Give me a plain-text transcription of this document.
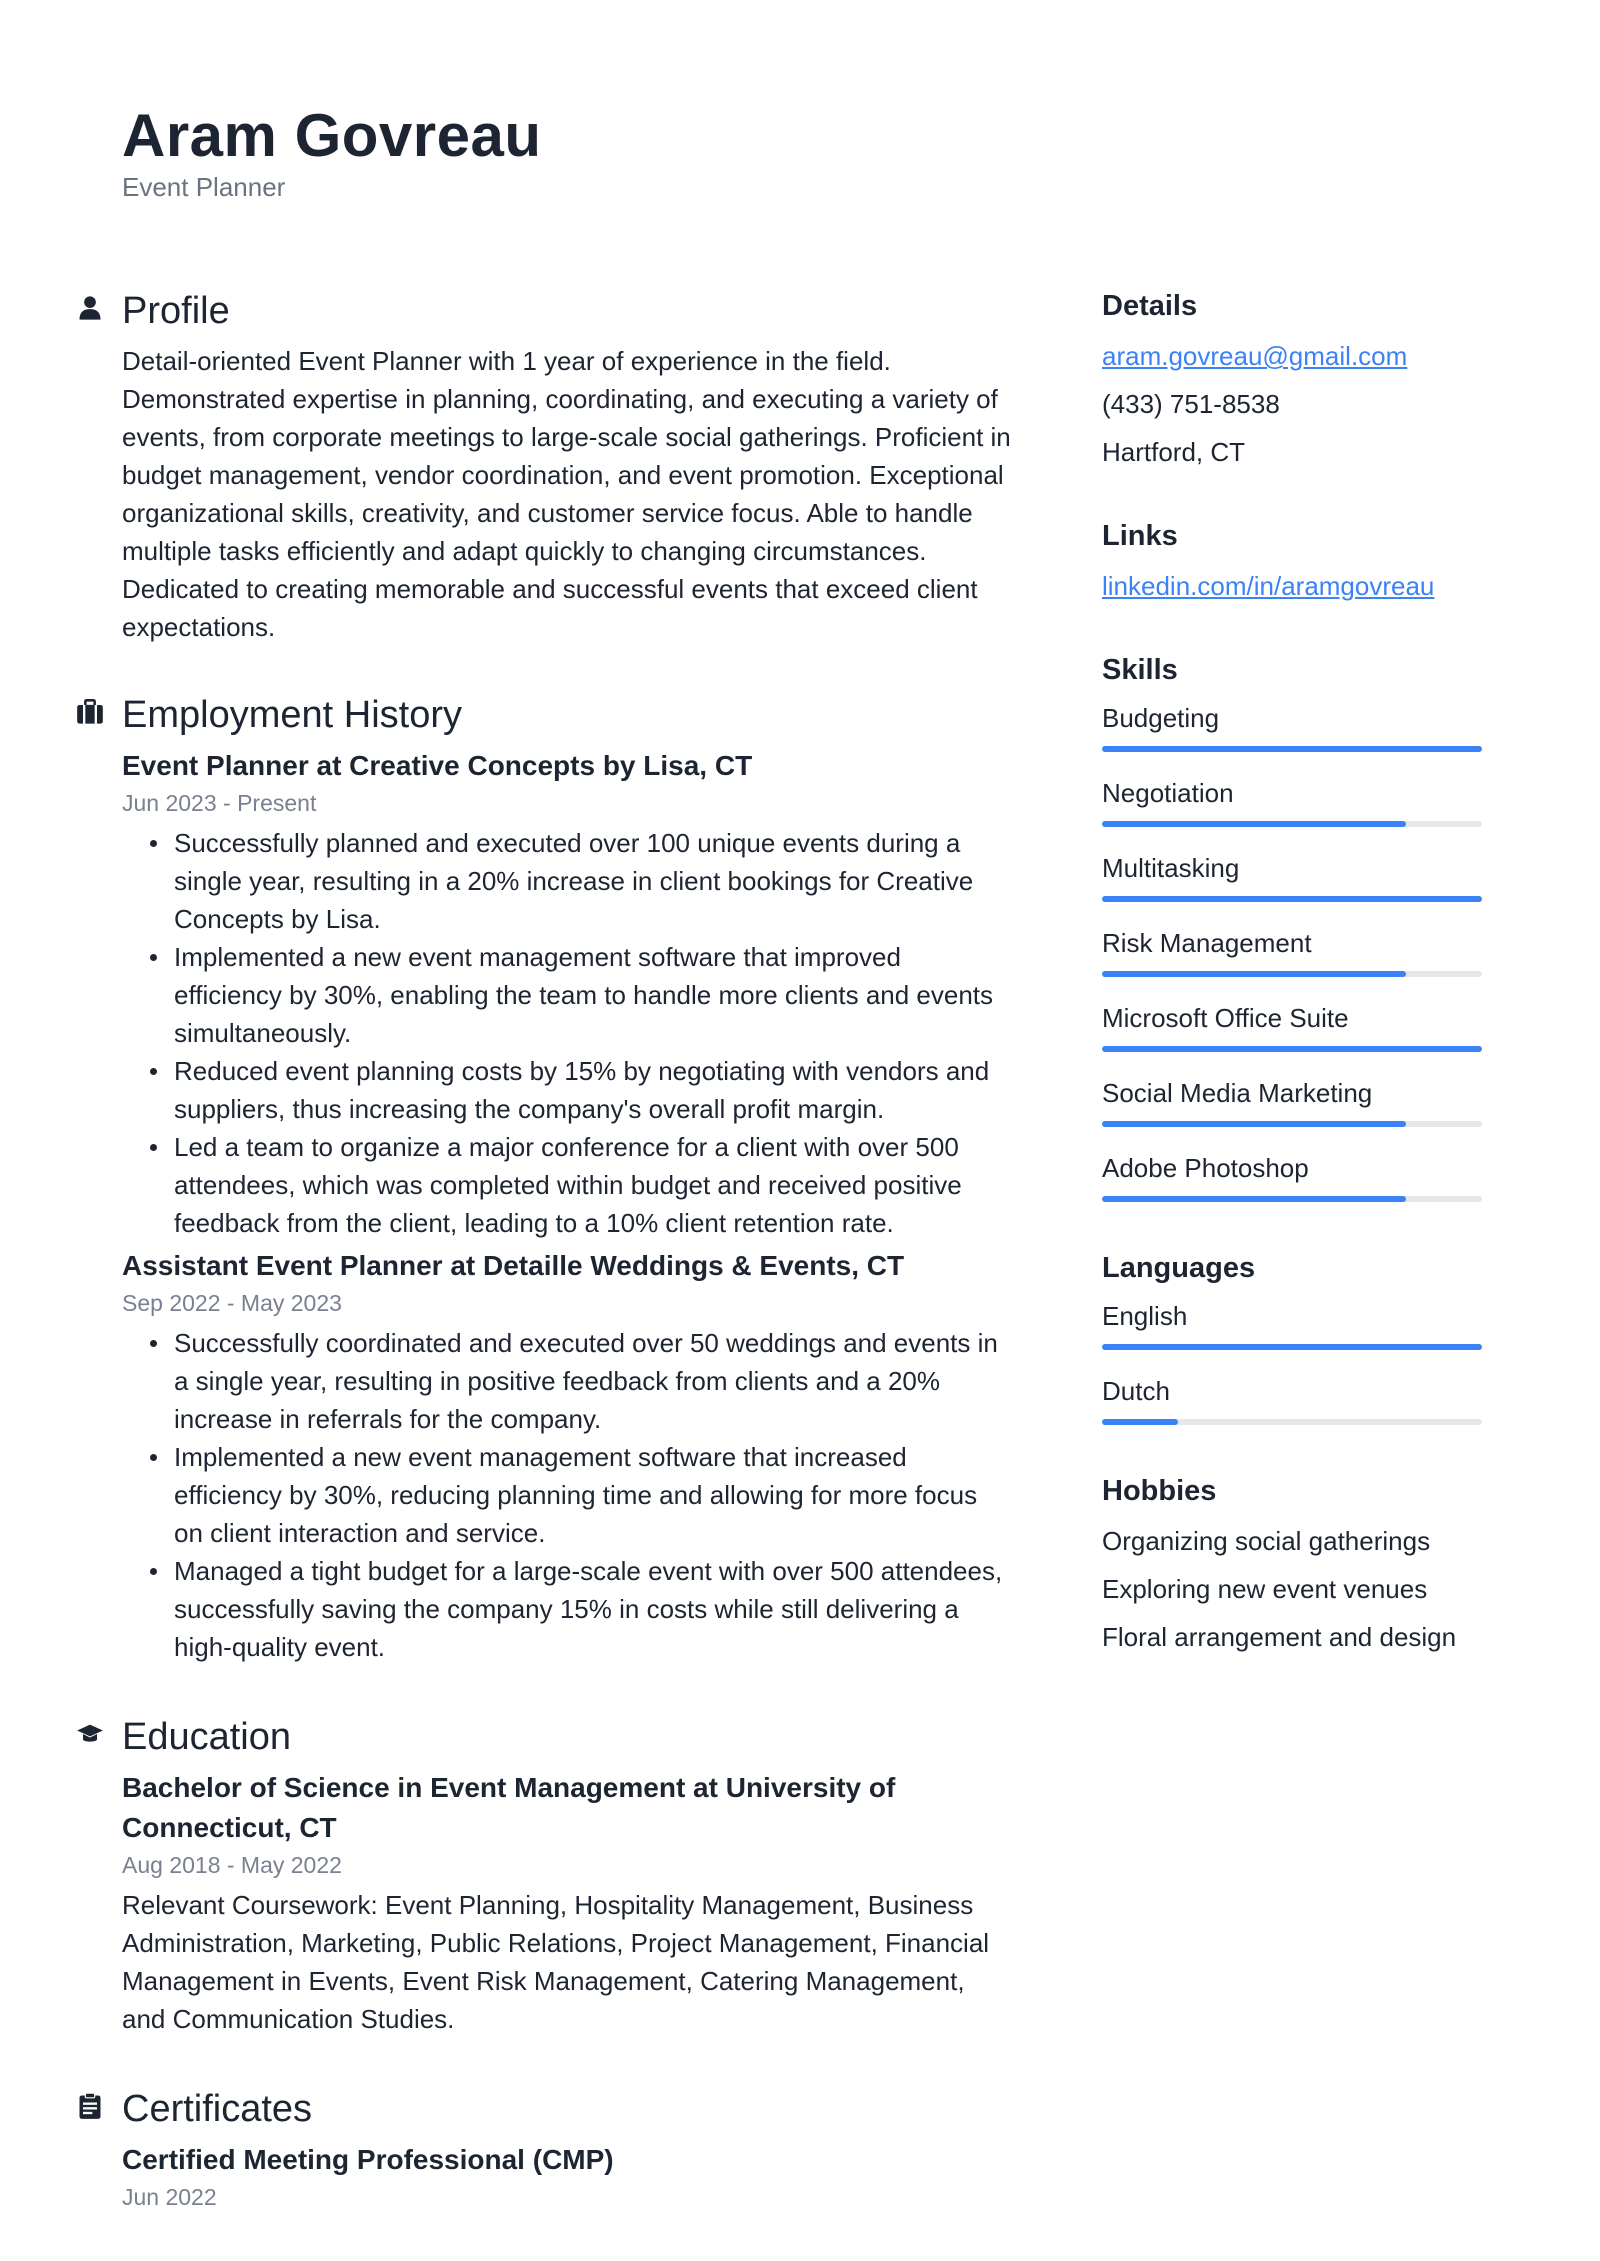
Aram Govreau
Event Planner
Profile

Detail-oriented Event Planner with 1 year of experience in the field. Demonstrated expertise in planning, coordinating, and executing a variety of events, from corporate meetings to large-scale social gatherings. Proficient in budget management, vendor coordination, and event promotion. Exceptional organizational skills, creativity, and customer service focus. Able to handle multiple tasks efficiently and adapt quickly to changing circumstances. Dedicated to creating memorable and successful events that exceed client expectations.

Employment History
Event Planner at Creative Concepts by Lisa, CT
Jun 2023 - Present
Successfully planned and executed over 100 unique events during a single year, resulting in a 20% increase in client bookings for Creative Concepts by Lisa.
Implemented a new event management software that improved efficiency by 30%, enabling the team to handle more clients and events simultaneously.
Reduced event planning costs by 15% by negotiating with vendors and suppliers, thus increasing the company's overall profit margin.
Led a team to organize a major conference for a client with over 500 attendees, which was completed within budget and received positive feedback from the client, leading to a 10% client retention rate.
Assistant Event Planner at Detaille Weddings & Events, CT
Sep 2022 - May 2023
Successfully coordinated and executed over 50 weddings and events in a single year, resulting in positive feedback from clients and a 20% increase in referrals for the company.
Implemented a new event management software that increased efficiency by 30%, reducing planning time and allowing for more focus on client interaction and service.
Managed a tight budget for a large-scale event with over 500 attendees, successfully saving the company 15% in costs while still delivering a high-quality event.
Education
Bachelor of Science in Event Management at University of Connecticut, CT
Aug 2018 - May 2022

Relevant Coursework: Event Planning, Hospitality Management, Business Administration, Marketing, Public Relations, Project Management, Financial Management in Events, Event Risk Management, Catering Management, and Communication Studies.

Certificates
Certified Meeting Professional (CMP)
Jun 2022
Details
aram.govreau@gmail.com
(433) 751-8538
Hartford, CT
Links
linkedin.com/in/aramgovreau
Skills
Budgeting
Negotiation
Multitasking
Risk Management
Microsoft Office Suite
Social Media Marketing
Adobe Photoshop
Languages
English
Dutch
Hobbies
Organizing social gatherings
Exploring new event venues
Floral arrangement and design
